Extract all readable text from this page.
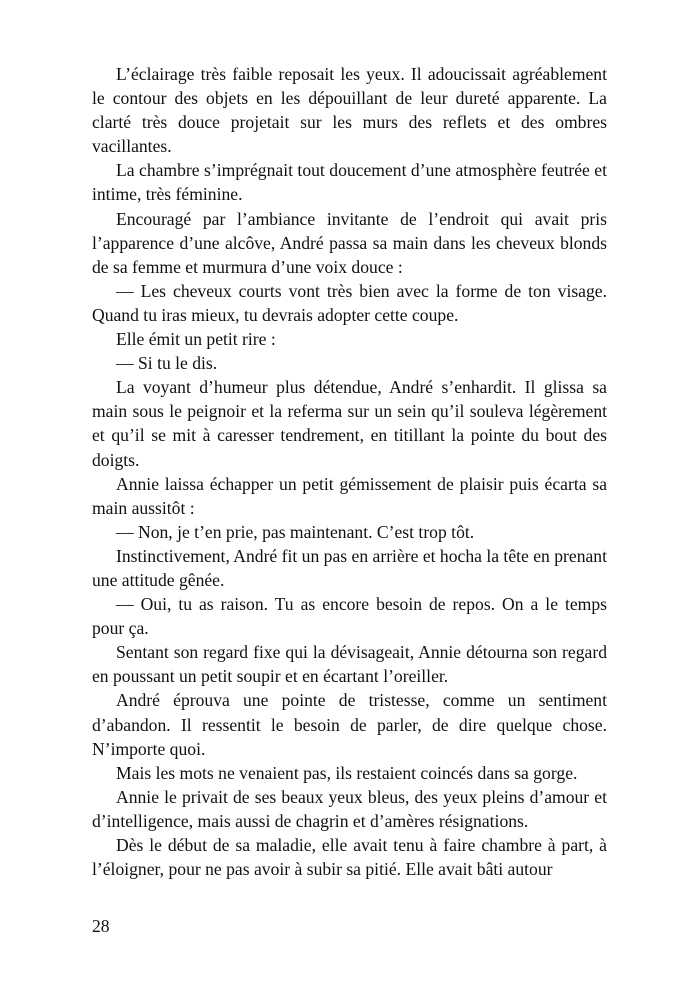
L’éclairage très faible reposait les yeux. Il adoucissait agréablement le contour des objets en les dépouillant de leur dureté apparente. La clarté très douce projetait sur les murs des reflets et des ombres vacillantes.

La chambre s’imprégnait tout doucement d’une atmosphère feutrée et intime, très féminine.

Encouragé par l’ambiance invitante de l’endroit qui avait pris l’apparence d’une alcôve, André passa sa main dans les cheveux blonds de sa femme et murmura d’une voix douce :

— Les cheveux courts vont très bien avec la forme de ton visage. Quand tu iras mieux, tu devrais adopter cette coupe.

Elle émit un petit rire :

— Si tu le dis.

La voyant d’humeur plus détendue, André s’enhardit. Il glissa sa main sous le peignoir et la referma sur un sein qu’il souleva légèrement et qu’il se mit à caresser tendrement, en titillant la pointe du bout des doigts.

Annie laissa échapper un petit gémissement de plaisir puis écarta sa main aussitôt :

— Non, je t’en prie, pas maintenant. C’est trop tôt.

Instinctivement, André fit un pas en arrière et hocha la tête en prenant une attitude gênée.

— Oui, tu as raison. Tu as encore besoin de repos. On a le temps pour ça.

Sentant son regard fixe qui la dévisageait, Annie détourna son regard en poussant un petit soupir et en écartant l’oreiller.

André éprouva une pointe de tristesse, comme un sentiment d’abandon. Il ressentit le besoin de parler, de dire quelque chose. N’importe quoi.

Mais les mots ne venaient pas, ils restaient coincés dans sa gorge.

Annie le privait de ses beaux yeux bleus, des yeux pleins d’amour et d’intelligence, mais aussi de chagrin et d’amères résignations.

Dès le début de sa maladie, elle avait tenu à faire chambre à part, à l’éloigner, pour ne pas avoir à subir sa pitié. Elle avait bâti autour

28
